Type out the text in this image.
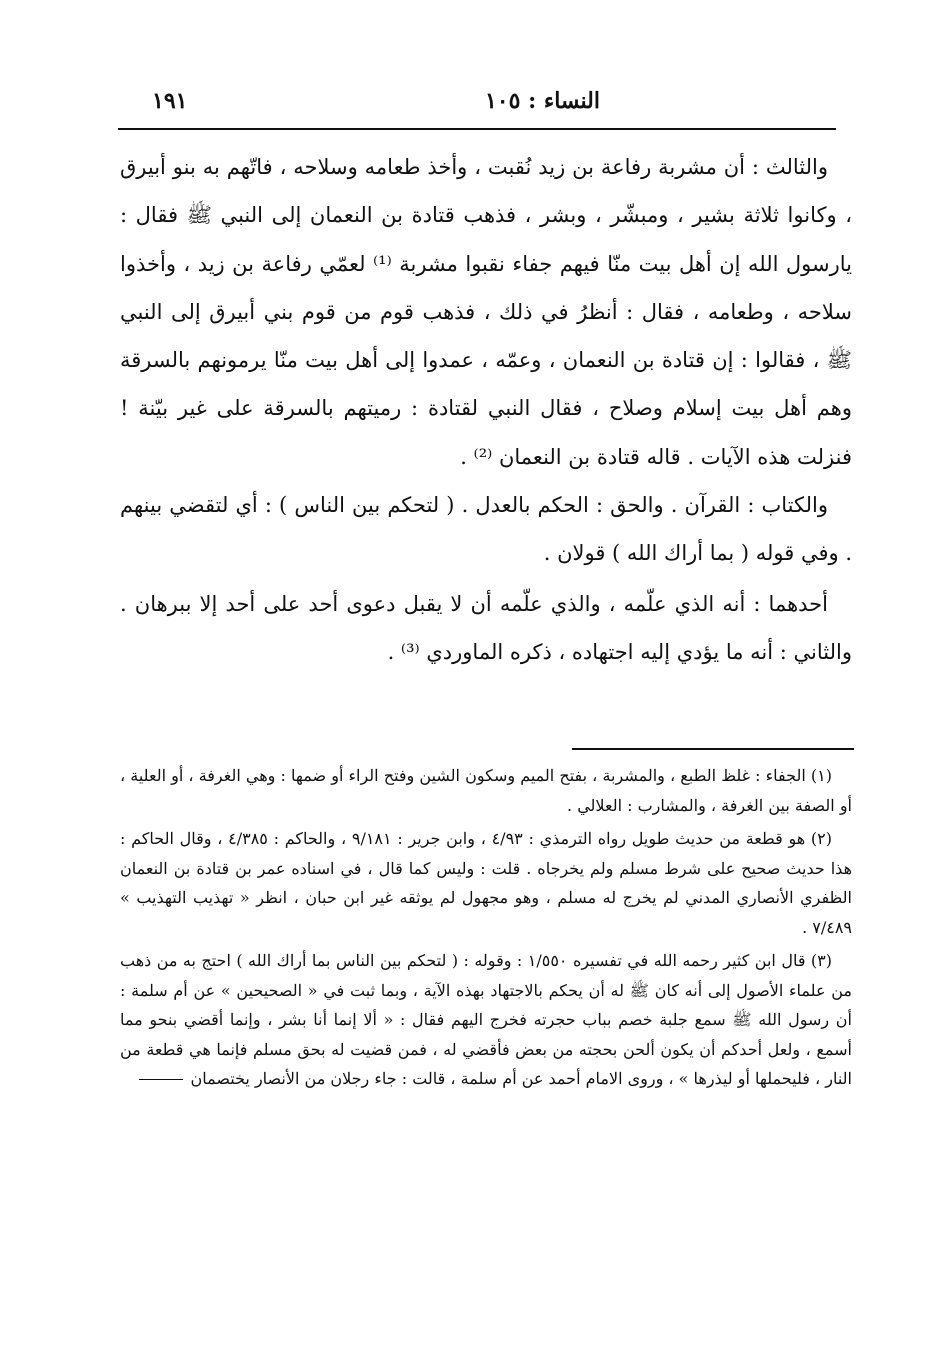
النساء : ١٠٥
١٩١

والثالث : أن مشربة رفاعة بن زيد نُقبت ، وأخذ طعامه وسلاحه ، فاتّهم به بنو أبيرق ، وكانوا ثلاثة بشير ، ومبشّر ، وبشر ، فذهب قتادة بن النعمان إلى النبي ﷺ فقال : يارسول الله إن أهل بيت منّا فيهم جفاء نقبوا مشربة ⁽¹⁾ لعمّي رفاعة بن زيد ، وأخذوا سلاحه ، وطعامه ، فقال : أنظرُ في ذلك ، فذهب قوم من قوم بني أبيرق إلى النبي ﷺ ، فقالوا : إن قتادة بن النعمان ، وعمّه ، عمدوا إلى أهل بيت منّا يرمونهم بالسرقة وهم أهل بيت إسلام وصلاح ، فقال النبي لقتادة : رميتهم بالسرقة على غير بيّنة ! فنزلت هذه الآيات . قاله قتادة بن النعمان ⁽²⁾ .

والكتاب : القرآن . والحق : الحكم بالعدل . ( لتحكم بين الناس ) : أي لتقضي بينهم . وفي قوله ( بما أراك الله ) قولان .

أحدهما : أنه الذي علّمه ، والذي علّمه أن لا يقبل دعوى أحد على أحد إلا ببرهان . والثاني : أنه ما يؤدي إليه اجتهاده ، ذكره الماوردي ⁽³⁾ .

(١) الجفاء : غلظ الطبع ، والمشربة ، بفتح الميم وسكون الشين وفتح الراء أو ضمها : وهي الغرفة ، أو العلية ، أو الصفة بين الغرفة ، والمشارب : العلالي .

(٢) هو قطعة من حديث طويل رواه الترمذي : ٤/٩٣ ، وابن جرير : ٩/١٨١ ، والحاكم : ٤/٣٨٥ ، وقال الحاكم : هذا حديث صحيح على شرط مسلم ولم يخرجاه . قلت : وليس كما قال ، في اسناده عمر بن قتادة بن النعمان الظفري الأنصاري المدني لم يخرج له مسلم ، وهو مجهول لم يوثقه غير ابن حبان ، انظر « تهذيب التهذيب » ٧/٤٨٩ .

(٣) قال ابن كثير رحمه الله في تفسيره ١/٥٥٠ : وقوله : ( لتحكم بين الناس بما أراك الله ) احتج به من ذهب من علماء الأصول إلى أنه كان ﷺ له أن يحكم بالاجتهاد بهذه الآية ، وبما ثبت في « الصحيحين » عن أم سلمة : أن رسول الله ﷺ سمع جلبة خصم بباب حجرته فخرج اليهم فقال : « ألا إنما أنا بشر ، وإنما أقضي بنحو مما أسمع ، ولعل أحدكم أن يكون ألحن بحجته من بعض فأقضي له ، فمن قضيت له بحق مسلم فإنما هي قطعة من النار ، فليحملها أو ليذرها » ، وروى الامام أحمد عن أم سلمة ، قالت : جاء رجلان من الأنصار يختصمان
